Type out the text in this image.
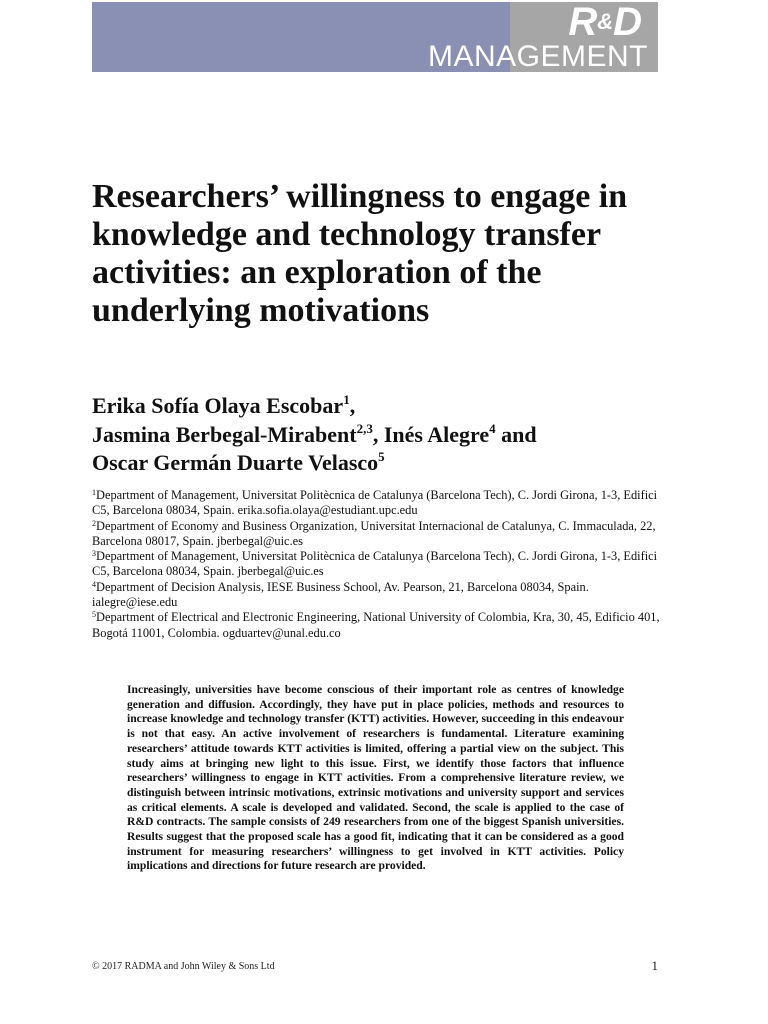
R&D
MANAGEMENT
Researchers’ willingness to engage in knowledge and technology transfer activities: an exploration of the underlying motivations

Erika Sofía Olaya Escobar$^1$,
Jasmina Berbegal-Mirabent$^{2,3}$, Inés Alegre$^4$ and
Oscar Germán Duarte Velasco$^5$

$^1$Department of Management, Universitat Politècnica de Catalunya (Barcelona Tech), C. Jordi Girona, 1-3, Edifici C5, Barcelona 08034, Spain. erika.sofia.olaya@estudiant.upc.edu
$^2$Department of Economy and Business Organization, Universitat Internacional de Catalunya, C. Immaculada, 22, Barcelona 08017, Spain. jberbegal@uic.es
$^3$Department of Management, Universitat Politècnica de Catalunya (Barcelona Tech), C. Jordi Girona, 1-3, Edifici C5, Barcelona 08034, Spain. jberbegal@uic.es
$^4$Department of Decision Analysis, IESE Business School, Av. Pearson, 21, Barcelona 08034, Spain. ialegre@iese.edu
$^5$Department of Electrical and Electronic Engineering, National University of Colombia, Kra, 30, 45, Edificio 401, Bogotá 11001, Colombia. ogduartev@unal.edu.co

Increasingly, universities have become conscious of their important role as centres of knowledge generation and diffusion. Accordingly, they have put in place policies, methods and resources to increase knowledge and technology transfer (KTT) activities. However, succeeding in this endeavour is not that easy. An active involvement of researchers is fundamental. Literature examining researchers’ attitude towards KTT activities is limited, offering a partial view on the subject. This study aims at bringing new light to this issue. First, we identify those factors that influence researchers’ willingness to engage in KTT activities. From a comprehensive literature review, we distinguish between intrinsic motivations, extrinsic motivations and university support and services as critical elements. A scale is developed and validated. Second, the scale is applied to the case of R&D contracts. The sample consists of 249 researchers from one of the biggest Spanish universities. Results suggest that the proposed scale has a good fit, indicating that it can be considered as a good instrument for measuring researchers’ willingness to get involved in KTT activities. Policy implications and directions for future research are provided.

© 2017 RADMA and John Wiley & Sons Ltd	1
